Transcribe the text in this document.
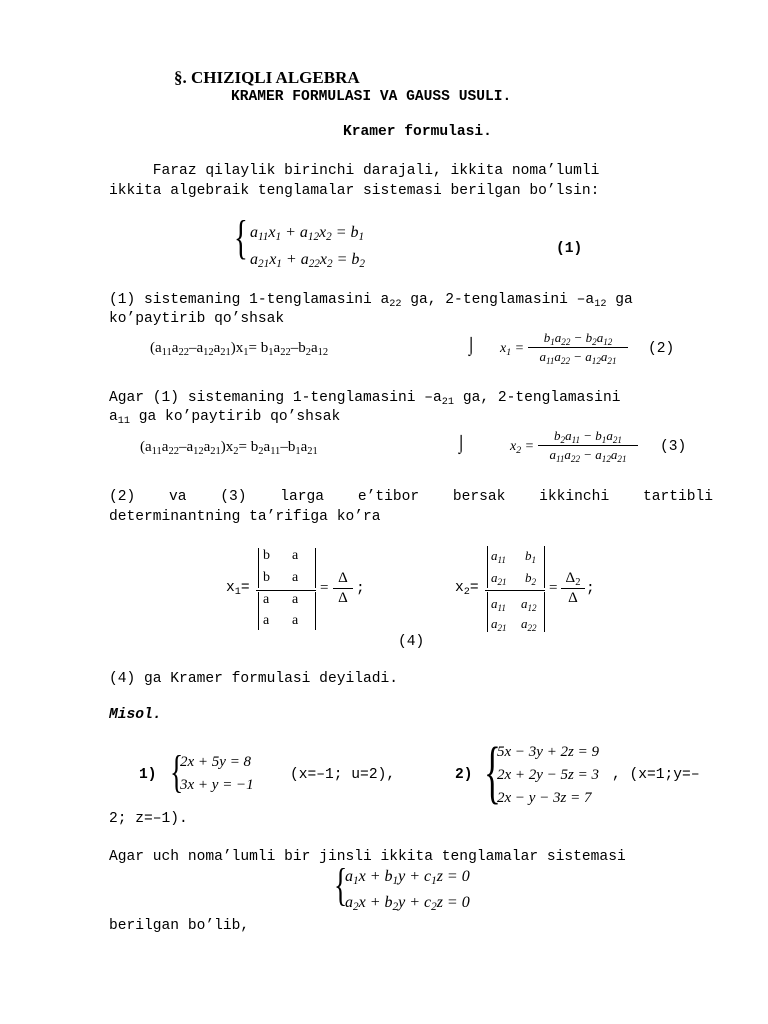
§. CHIZIQLI ALGEBRA
KRAMER FORMULASI VA GAUSS USULI.
Kramer formulasi.
Faraz qilaylik birinchi darajali, ikkita noma’lumli
ikkita algebraik tenglamalar sistemasi berilgan bo’lsin:
{ $a_{11}x_1 + a_{12}x_2 = b_1$
$a_{21}x_1 + a_{22}x_2 = b_2$
(1)
(1) sistemaning 1-tenglamasini $a_{22}$ ga, 2-tenglamasini $-a_{12}$ ga
ko’paytirib qo’shsak
$(a_{11}a_{22}-a_{12}a_{21})x_1= b_1a_{22}-b_2a_{12}$	⌡ $x_1$ =
$b_1a_{22} - b_2a_{12}$
$a_{11}a_{22} - a_{12}a_{21}$
(2)
Agar (1) sistemaning 1-tenglamasini $-a_{21}$ ga, 2-tenglamasini
$a_{11}$ ga ko’paytirib qo’shsak
$(a_{11}a_{22}-a_{12}a_{21})x_2= b_2a_{11}-b_1a_{21}$	⌡	$x_2$ =
$b_2a_{11} - b_1a_{21}$
$a_{11}a_{22} - a_{12}a_{21}$
(3)
(2) va (3) larga e’tibor bersak ikkinchi tartibli
determinantning ta’rifiga ko’ra
$x_1=$
b a
b a
a a
a a
=
Δ
Δ
;	$x_2=$
$a_{11}$ $b_1$
$a_{21}$ $b_2$
$a_{11}$ $a_{12}$
$a_{21}$ $a_{22}$
=
$\Delta_2$
Δ
;
(4)
(4) ga Kramer formulasi deyiladi.
Misol.
1) {
2x + 5y = 8
3x + y = −1
(x=–1; u=2),	2) {
5x − 3y + 2z = 9
2x + 2y − 5z = 3
2x − y − 3z = 7
, (x=1;y=–
2; z=–1).
Agar uch noma’lumli bir jinsli ikkita tenglamalar sistemasi
{
$a_1x + b_1y + c_1z = 0$
$a_2x + b_2y + c_2z = 0$
berilgan bo’lib,
